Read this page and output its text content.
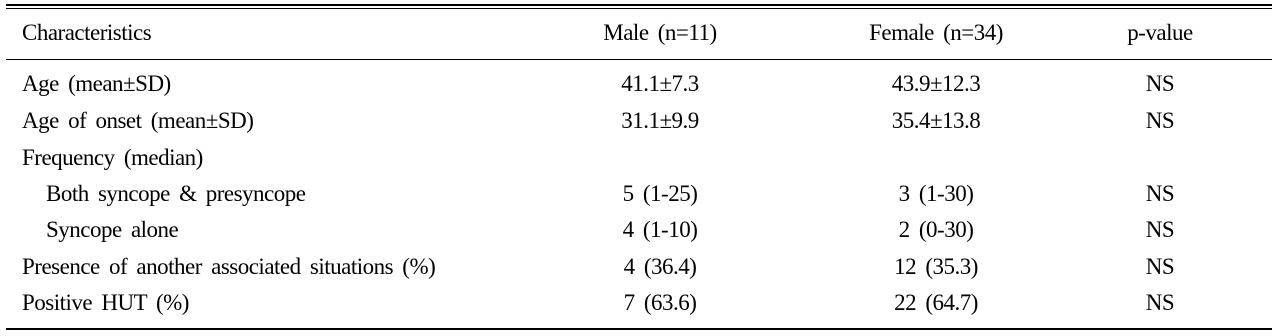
Characteristics	Male (n=11)	Female (n=34)	p-value
Age (mean±SD)	41.1±7.3	43.9±12.3	NS
Age of onset (mean±SD)	31.1±9.9	35.4±13.8	NS
Frequency (median)
Both syncope & presyncope	5 (1-25)	3 (1-30)	NS
Syncope alone	4 (1-10)	2 (0-30)	NS
Presence of another associated situations (%)	4 (36.4)	12 (35.3)	NS
Positive HUT (%)	7 (63.6)	22 (64.7)	NS
